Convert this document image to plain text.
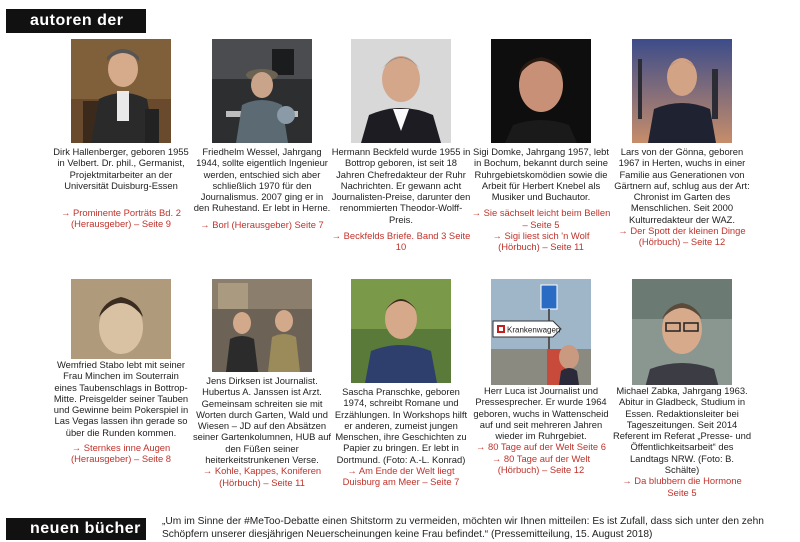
autoren der
Dirk Hallenberger, geboren 1955 in Velbert. Dr. phil., Germanist, Projektmitarbeiter an der Universität Duisburg-Essen
→ Prominente Porträts Bd. 2 (Herausgeber) – Seite 9
Friedhelm Wessel, Jahrgang 1944, sollte eigentlich Ingenieur werden, entschied sich aber schließlich 1970 für den Journalismus. 2007 ging er in den Ruhestand. Er lebt in Herne.
→ Borl (Herausgeber) Seite 7
Hermann Beckfeld wurde 1955 in Bottrop geboren, ist seit 18 Jahren Chefredakteur der Ruhr Nachrichten. Er gewann acht Journalisten-Preise, darunter den renommierten Theodor-Wolff-Preis.
→ Beckfelds Briefe. Band 3 Seite 10
Sigi Domke, Jahrgang 1957, lebt in Bochum, bekannt durch seine Ruhrgebietskomödien sowie die Arbeit für Herbert Knebel als Musiker und Buchautor.
→ Sie sächselt leicht beim Bellen – Seite 5
→ Sigi liest sich 'n Wolf (Hörbuch) – Seite 11
Lars von der Gönna, geboren 1967 in Herten, wuchs in einer Familie aus Generationen von Gärtnern auf, schlug aus der Art: Chronist im Garten des Menschlichen. Seit 2000 Kulturredakteur der WAZ.
→ Der Spott der kleinen Dinge (Hörbuch) – Seite 12
Wemfried Stabo lebt mit seiner Frau Minchen im Souterrain eines Taubenschlags in Bottrop-Mitte. Preisgelder seiner Tauben und Gewinne beim Pokerspiel in Las Vegas lassen ihn gerade so über die Runden kommen.
→ Sternkes inne Augen (Herausgeber) – Seite 8
Jens Dirksen ist Journalist. Hubertus A. Janssen ist Arzt. Gemeinsam schreiten sie mit Worten durch Garten, Wald und Wiesen – JD auf den Absätzen seiner Gartenkolumnen, HUB auf den Füßen seiner heiterkeitstrunkenen Verse.
→ Kohle, Kappes, Koniferen (Hörbuch) – Seite 11
Sascha Pranschke, geboren 1974, schreibt Romane und Erzählungen. In Workshops hilft er anderen, zumeist jungen Menschen, ihre Geschichten zu Papier zu bringen. Er lebt in Dortmund. (Foto: A.-L. Konrad)
→ Am Ende der Welt liegt Duisburg am Meer – Seite 7
Krankenwagen
Herr Luca ist Journalist und Pressesprecher. Er wurde 1964 geboren, wuchs in Wattenscheid auf und seit mehreren Jahren wieder im Ruhrgebiet.
→ 80 Tage auf der Welt Seite 6
→ 80 Tage auf der Welt (Hörbuch) – Seite 12
Michael Zabka, Jahrgang 1963. Abitur in Gladbeck, Studium in Essen. Redaktionsleiter bei Tageszeitungen. Seit 2014 Referent im Referat „Presse- und Öffentlichkeitsarbeit“ des Landtags NRW. (Foto: B. Schälte)
→ Da blubbern die Hormone Seite 5
neuen bücher	„Um im Sinne der #MeToo-Debatte einen Shitstorm zu vermeiden, möchten wir Ihnen mitteilen: Es ist Zufall, dass sich unter den zehn Schöpfern unserer diesjährigen Neuerscheinungen keine Frau befindet.“ (Pressemitteilung, 15. August 2018)
